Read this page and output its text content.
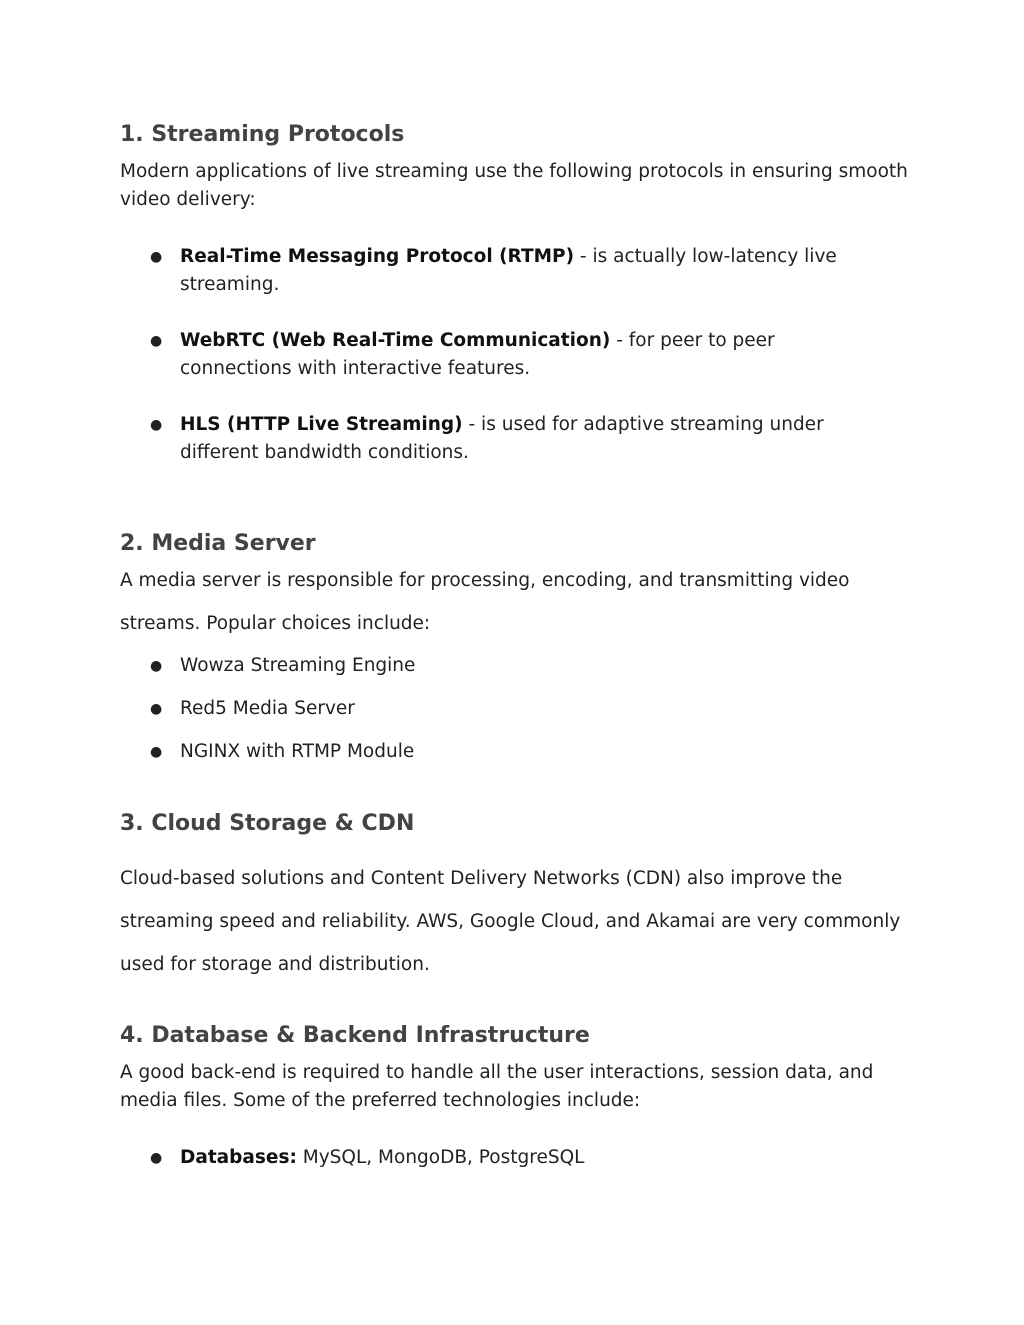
1. Streaming Protocols

Modern applications of live streaming use the following protocols in ensuring smooth video delivery:

● Real-Time Messaging Protocol (RTMP) - is actually low-latency live streaming.

● WebRTC (Web Real-Time Communication) - for peer to peer connections with interactive features.

● HLS (HTTP Live Streaming) - is used for adaptive streaming under different bandwidth conditions.

2. Media Server

A media server is responsible for processing, encoding, and transmitting video streams. Popular choices include:

● Wowza Streaming Engine

● Red5 Media Server

● NGINX with RTMP Module

3. Cloud Storage & CDN

Cloud-based solutions and Content Delivery Networks (CDN) also improve the streaming speed and reliability. AWS, Google Cloud, and Akamai are very commonly used for storage and distribution.

4. Database & Backend Infrastructure

A good back-end is required to handle all the user interactions, session data, and media files. Some of the preferred technologies include:

● Databases: MySQL, MongoDB, PostgreSQL
